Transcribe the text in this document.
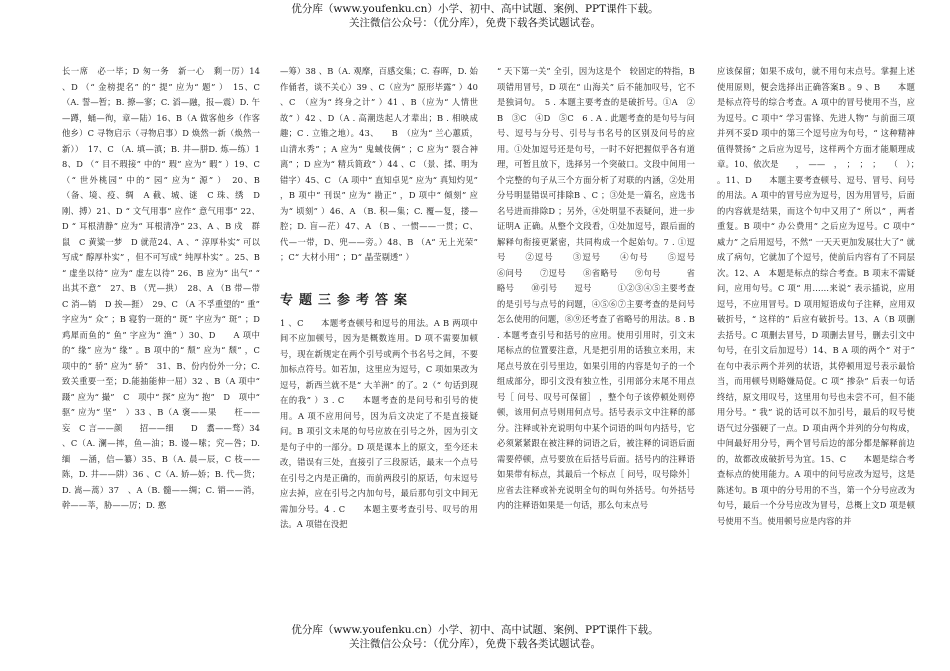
优分库（www.youfenku.cn）小学、初中、高中试题、案例、PPT课件下载。
关注微信公众号：（优分库），免费下载各类试题试卷。

长一席　必一毕；D 匆一务　新一心　剩一厉）14 、D （“ 金榜提名” 的“ 提” 应为“ 题” ）　15、C （A. 誓—暂；B. 撩—寥；C. 滔—融，报—震）D. 午—蹲，蛹—徇，章—陆）16、B（A 做客他乡（作客他乡）C 寻物启示（寻物启事）D 焕然一新（焕然一新））　17、C （A. 填—滇；B. 井—胼D. 炼—练）18、D （“ 目不瑕接” 中的“ 瑕” 应为“ 暇” ）19、C （“ 世外桃园” 中的“ 园” 应为“ 源” ）　20、B （备、境、疫、绸　A 截、城、谜　C 珠、绣　D 刚、搏）21、D “ 文气用事” 应作“ 意气用事” 22、D “ 耳根清静” 应为“ 耳根清净” 23、A 、B 戍　群鼠　C 黄粱一梦　D 就范24、A 、“ 淳厚朴实” 可以写成“ 醇厚朴实” ，但不可写成“ 纯厚朴实” 。25、B　　“ 虚坐以待” 应为“ 虚左以待” 26、B 应为“ 出气” “ 出其不意”　27、B （咒—拱）　28、A （B 带—带　C 消—销　D 挨—捱）　29、C （A 不孚重望的“ 重” 字应为“ 众” ；B 寝豹一斑的“ 斑” 字应为“ 斑” ；D 鸡犀而鱼的“ 鱼” 字应为“ 渔” ）30、D　　A 项中的“ 缘” 应为“ 缘” 。B 项中的“ 颓” 应为“ 颓” ，C 项中的“ 骄” 应为“ 骄”　31、B、份内份外一分；C.致关重要一至；D.能抽能伸一屈）32 、B（A 项中“ 蹑” 应为“ 撮”　C　项中“ 探” 应为“ 抱”　D　项中“ 驱” 应为“ 坚”　）33 、B（A 褒——果　　枉——妄　C 言——颜　　招——细　　D　翥——骛）34 、C（A. 澜—摔，鱼—油；B. 谩—嗦；究—咎；D. 缅　—涵，信—纂）35、B（A. 晨—辰，C 枝——陈，D. 井——阱）36 、C（A. 娇—娇；B. 代—货；D. 嵩—蒿）37　、A（B. 髓——绸；C. 销——消，幹——莘，胁——厉；D. 憨

—筹）38 、B（A. 观摩，百感交集；C. 春晖，D. 始作俑者，谈不关心）39 、C（应为“ 原形毕露” ）40　、C　（应为“ 终身之计” ）41 、B（应为“ 人情世故” ）42 、D（A . 高潮迭起人才辈出；B . 相映成趣；C . 立锥之地）。43、　　B　（应为“ 兰心蕙质，山清水秀” ；A 应为“ 鬼蜮伎俩” ；C 应为“ 裂合神离” ；D 应为“ 精兵简政” ）44 、C （景、揉、明为错字）45、C （A 项中“ 直知卓见” 应为“ 真知灼见” ，B 项中“ 刊误” 应为“ 勘正” ，D 项中“ 倾刻” 应为“ 顷刻” ）46、A （B. 积—集；C. 覆—复，搂—腔；D. 盲—茫）47、A （B 、一惯——一贯；C、代—一带，D、兜——旁。）48、B （A“ 无上光荣” ；C“ 大材小用” ；D“ 晶莹剔透” ）

专题三参考答案

1 、C　　本题考查顿号和逗号的用法。A B 两项中间不应加顿号，因为是概数连用。D 项不需要加顿号，现在新规定在两个引号或两个书名号之间，不要加标点符号。如若加，这里应为逗号，C 项如果改为逗号，新西兰就不是“ 大羊洲” 的了。2（“ 句话到现在的我” ）3 . C　　本题考查的是问号和引号的使用。A 项不应用问号，因为后文决定了不是直接疑问。B 项引文未尾的句号应放在引号之外，因为引文是句子中的一部分。D 项是课本上的原文，至今还未改，错误有三处，直接引了三段原话，最末一个点号在引号之内是正确的，而前两段引的原话，句末逗号应去掉，应在引号之内加句号，最后那句引文中间无需加分号。4 . C　　本题主要考查引号、叹号的用法。A 项错在没把

“ 天下第一关” 全引，因为这是个　较固定的特指，B 项错用冒号，D 项在“ 山海关” 后不能加叹号，它不是独词句。　5 . 本题主要考查的是破折号。①A　②B　③C　④D　⑤C　6 . A . 此题考查的是句号与问号、逗号与分号、引号与书名号的区别及问号的应用。①处加逗号还是句号，一时不好把握似乎各有道理，可暂且放下，选择另一个突破口。文段中间用一个完整的句子从三个方面分析了对联的内涵，②处用分号明显错误可排除B 、C ；③处是一篇名，应选书名号进而排除D ；另外，④处明显不表疑问，进一步证明A 正确。从整个文段看，①处加逗号，跟后面的解释句衔接更紧密，共同构成一个起始句。7 . ①逗号　　②逗号　　③逗号　　④句号　　⑤逗号　　⑥问号　　⑦逗号　　⑧省略号　　⑨句号　　　省略号　　⑩引号　　逗号　　　①②③④⑤主要考查　　　的是引号与点号的问题，④⑤⑥⑦主要考查的是问号怎么使用的问题，⑧⑨还考查了省略号的用法。8 . B . 本题考查引号和括号的应用。使用引用时，引文末尾标点的位置要注意，凡是把引用的话独立来用，末尾点号放在引号里边，如果引用的内容是句子的一个组成部分，即引文没有独立性，引用部分末尾不用点号［ 问号、叹号可保留］ ，整个句子该停顿处则停顿，该用何点号则用何点号。括号表示文中注释的部分。注释或补充说明句中某个词语的叫句内括号，它必须紧紧跟在被注释的词语之后，被注释的词语后面需要停顿，点号要放在后括号后面。括号内的注释语如果带有标点，其最后一个标点［ 问号，叹号除外］ 应省去注释或补充说明全句的叫句外括号。句外括号内的注释语如果是一句话，那么句末点号

应该保留；如果不成句，就不用句末点号。掌握上述使用原则，便会选择出正确答案B 。9 、B　　本题是标点符号的综合考查。A 项中的冒号使用不当，应为逗号。C 项中“ 学习雷锋、先进人物” 与前面三项并列不妥D 项中的第三个逗号应为句号，“ 这种精神值得赞扬” 之后应为逗号，这样两个方面才能顺理成章。10、依次是　　，　——　，　；　；　；　　（　）；　　。11、D　　本题主要考查顿号、逗号、冒号、问号的用法。A 项中的冒号应为逗号，因为用冒号，后面的内容就是结果，而这个句中又用了“ 所以” ，两者重复。B 项中“ 办公费用” 之后应为逗号。C 项中“ 威力” 之后用逗号，不然“ 一天天更加发展壮大了” 就成了病句，它就加了个逗号，使前后内容有了不同层次。12、A　本题是标点的综合考查。B 项末不需疑问，应用句号。C 项“ 用……来说” 表示插说，应用逗号，不应用冒号。D 项用短语成句子注释，应用双破折号，“ 这样的” 后应有破折号。13、A（B 项删去括号。C 项删去冒号，D 项删去冒号，删去引文中句号，在引文后加逗号）14、B A 项的两个“ 对于” 在句中表示两个并列的状语，其停顿用逗号表示最恰当，而用顿号则略嫌局促。C 项“ 掺杂” 后表一句话终结，原文用叹号，这里用句号也未尝不可，但不能用分号。“ 我” 说的话可以不加引号，最后的叹号使语气过分强硬了一点。D 项由两个并列的分句构成，中间最好用分号，两个冒号后边的部分都是解释前边的，故都改成破折号为宜。15、C　　本题是综合考查标点的使用能力。A 项中的问号应改为逗号，这是陈述句。B 项中的分号用的不当，第一个分号应改为句号，最后一个分号应改为冒号，总概上文D 项是顿号使用不当。使用顿号应是内容的并

优分库（www.youfenku.cn）小学、初中、高中试题、案例、PPT课件下载。
关注微信公众号：（优分库），免费下载各类试题试卷。
